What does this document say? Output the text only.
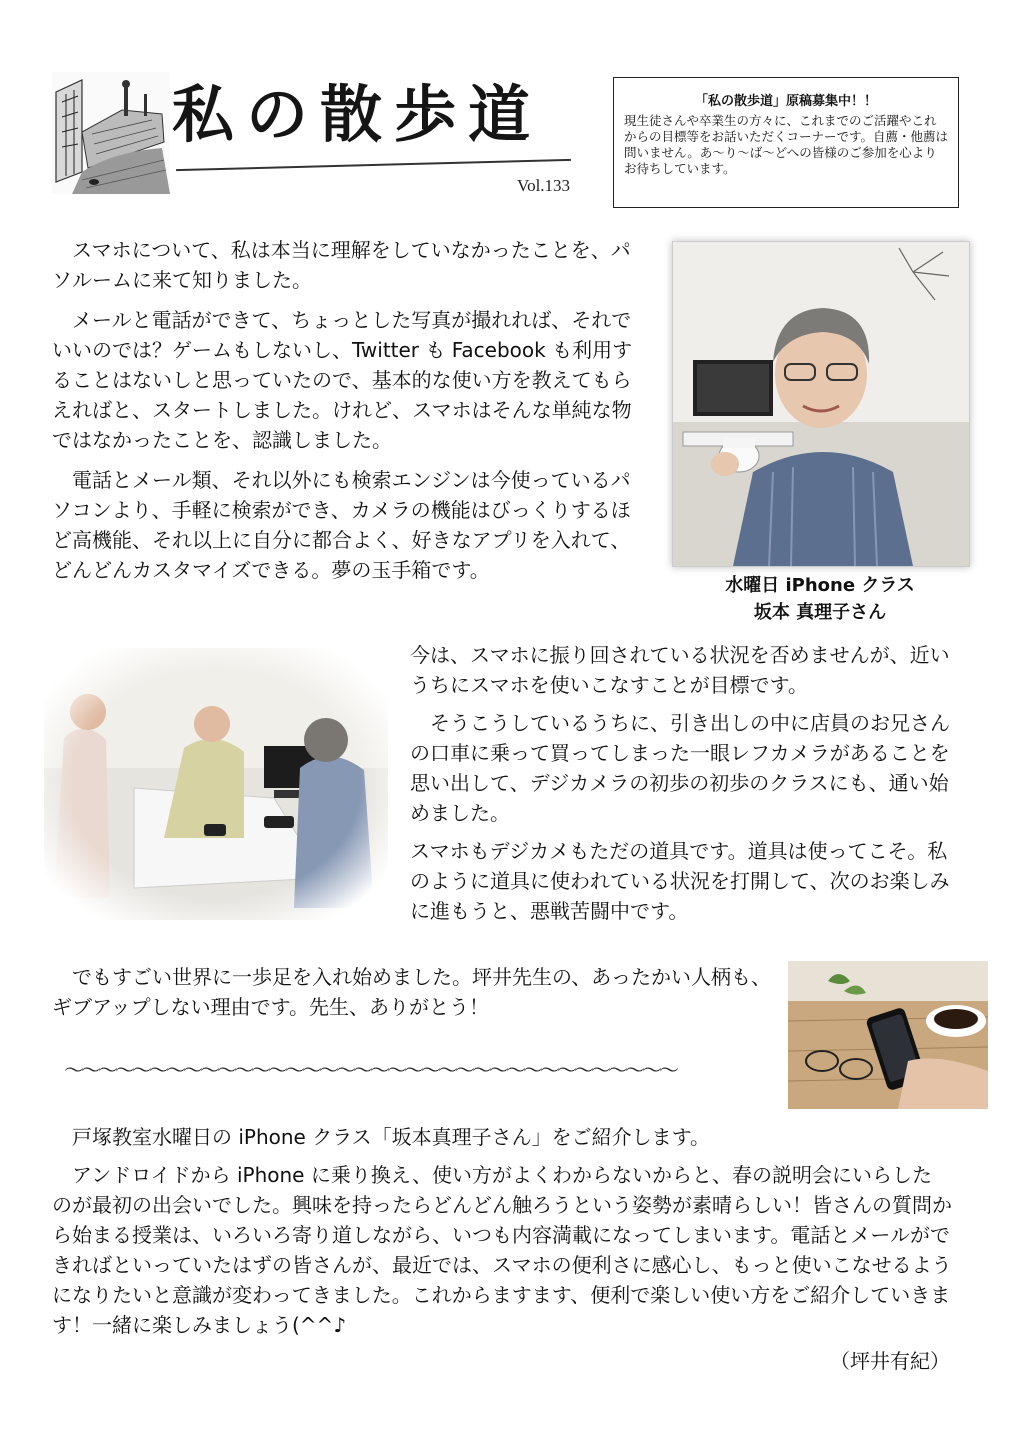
私の散歩道
Vol.133

「私の散歩道」原稿募集中！！

現生徒さんや卒業生の方々に、これまでのご活躍やこれからの目標等をお話いただくコーナーです。自薦・他薦は問いません。あ～り～ば～どへの皆様のご参加を心よりお待ちしています。

スマホについて、私は本当に理解をしていなかったことを、パソルームに来て知りました。

メールと電話ができて、ちょっとした写真が撮れれば、それでいいのでは？ゲームもしないし、Twitter も Facebook も利用することはないしと思っていたので、基本的な使い方を教えてもらえればと、スタートしました。けれど、スマホはそんな単純な物ではなかったことを、認識しました。

電話とメール類、それ以外にも検索エンジンは今使っているパソコンより、手軽に検索ができ、カメラの機能はびっくりするほど高機能、それ以上に自分に都合よく、好きなアプリを入れて、どんどんカスタマイズできる。夢の玉手箱です。

水曜日 iPhone クラス
坂本 真理子さん

今は、スマホに振り回されている状況を否めませんが、近いうちにスマホを使いこなすことが目標です。

そうこうしているうちに、引き出しの中に店員のお兄さんの口車に乗って買ってしまった一眼レフカメラがあることを思い出して、デジカメラの初歩の初歩のクラスにも、通い始めました。

スマホもデジカメもただの道具です。道具は使ってこそ。私のように道具に使われている状況を打開して、次のお楽しみに進もうと、悪戦苦闘中です。

でもすごい世界に一歩足を入れ始めました。坪井先生の、あったかい人柄も、ギブアップしない理由です。先生、ありがとう！

～～～～～～～～～～～～～～～～～～～～～～～～～～～～～～～～～～～～

戸塚教室水曜日の iPhone クラス「坂本真理子さん」をご紹介します。

アンドロイドから iPhone に乗り換え、使い方がよくわからないからと、春の説明会にいらしたのが最初の出会いでした。興味を持ったらどんどん触ろうという姿勢が素晴らしい！皆さんの質問から始まる授業は、いろいろ寄り道しながら、いつも内容満載になってしまいます。電話とメールができればといっていたはずの皆さんが、最近では、スマホの便利さに感心し、もっと使いこなせるようになりたいと意識が変わってきました。これからますます、便利で楽しい使い方をご紹介していきます！一緒に楽しみましょう(^^♪

（坪井有紀）
